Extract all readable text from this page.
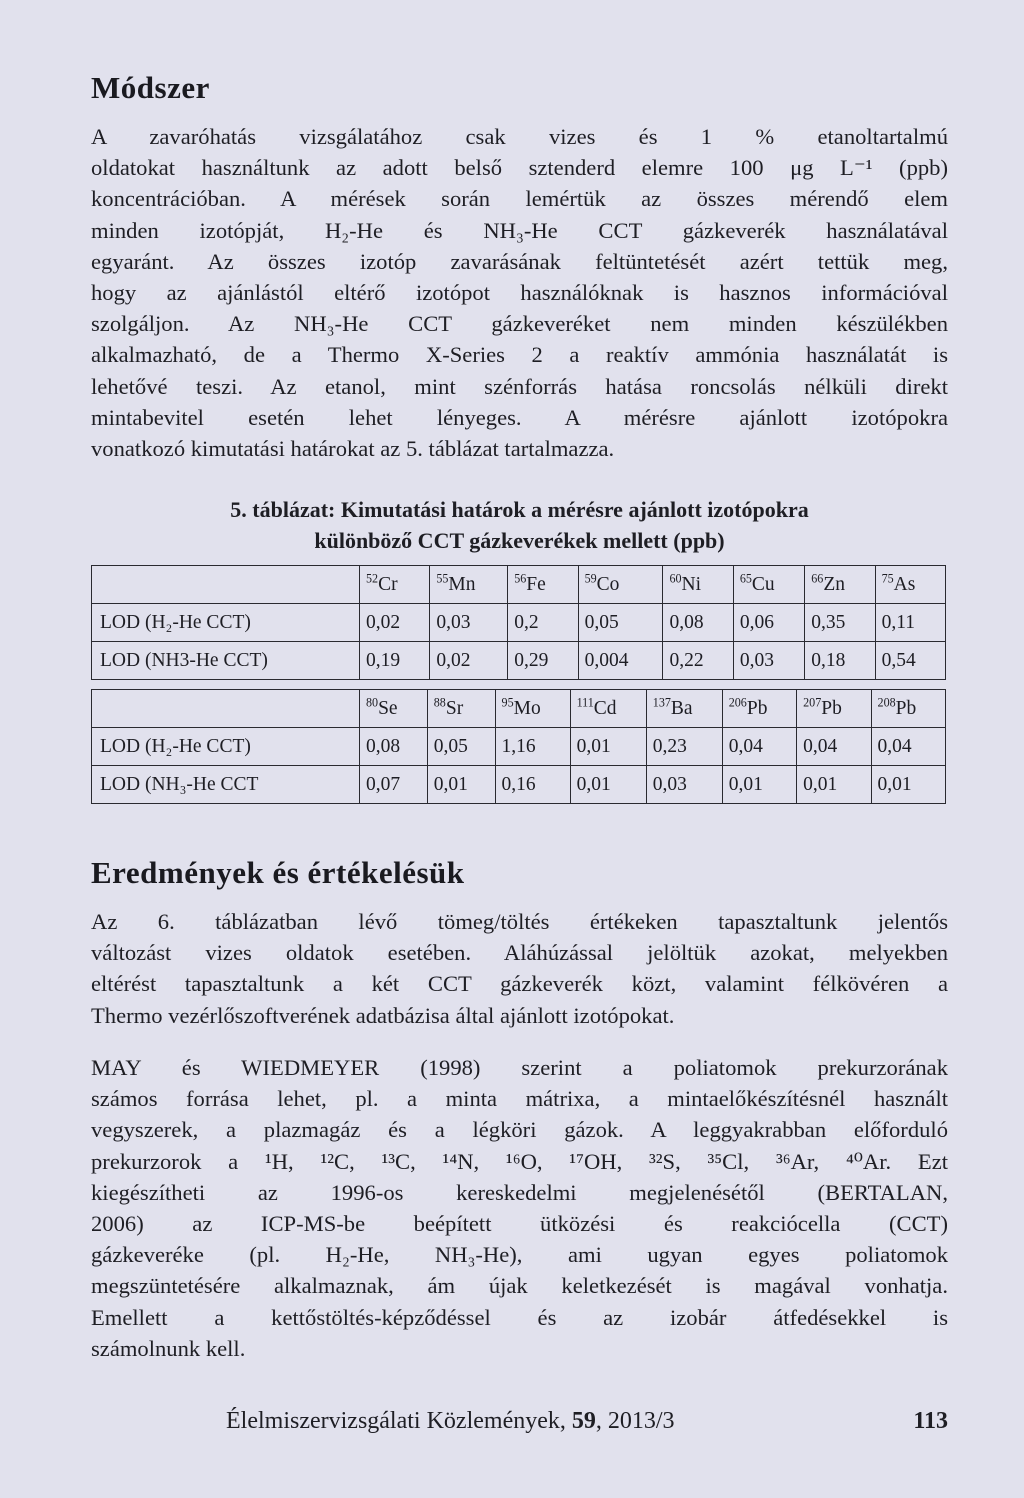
Módszer
A zavaróhatás vizsgálatához csak vizes és 1 % etanoltartalmú
oldatokat használtunk az adott belső sztenderd elemre 100 μg L⁻¹ (ppb)
koncentrációban. A mérések során lemértük az összes mérendő elem
minden izotópját, H₂-He és NH₃-He CCT gázkeverék használatával
egyaránt. Az összes izotóp zavarásának feltüntetését azért tettük meg,
hogy az ajánlástól eltérő izotópot használóknak is hasznos információval
szolgáljon. Az NH₃-He CCT gázkeveréket nem minden készülékben
alkalmazható, de a Thermo X-Series 2 a reaktív ammónia használatát is
lehetővé teszi. Az etanol, mint szénforrás hatása roncsolás nélküli direkt
mintabevitel esetén lehet lényeges. A mérésre ajánlott izotópokra
vonatkozó kimutatási határokat az 5. táblázat tartalmazza.
5. táblázat: Kimutatási határok a mérésre ajánlott izotópokra
különböző CCT gázkeverékek mellett (ppb)
	$^{52}$Cr	$^{55}$Mn	$^{56}$Fe	$^{59}$Co	$^{60}$Ni	$^{65}$Cu	$^{66}$Zn	$^{75}$As
LOD (H₂-He CCT)	0,02	0,03	0,2	0,05	0,08	0,06	0,35	0,11
LOD (NH3-He CCT)	0,19	0,02	0,29	0,004	0,22	0,03	0,18	0,54
	$^{80}$Se	$^{88}$Sr	$^{95}$Mo	$^{111}$Cd	$^{137}$Ba	$^{206}$Pb	$^{207}$Pb	$^{208}$Pb
LOD (H₂-He CCT)	0,08	0,05	1,16	0,01	0,23	0,04	0,04	0,04
LOD (NH₃-He CCT	0,07	0,01	0,16	0,01	0,03	0,01	0,01	0,01
Eredmények és értékelésük
Az 6. táblázatban lévő tömeg/töltés értékeken tapasztaltunk jelentős
változást vizes oldatok esetében. Aláhúzással jelöltük azokat, melyekben
eltérést tapasztaltunk a két CCT gázkeverék közt, valamint félkövéren a
Thermo vezérlőszoftverének adatbázisa által ajánlott izotópokat.
MAY és WIEDMEYER (1998) szerint a poliatomok prekurzorának
számos forrása lehet, pl. a minta mátrixa, a mintaelőkészítésnél használt
vegyszerek, a plazmagáz és a légköri gázok. A leggyakrabban előforduló
prekurzorok a ¹H, ¹²C, ¹³C, ¹⁴N, ¹⁶O, ¹⁷OH, ³²S, ³⁵Cl, ³⁶Ar, ⁴⁰Ar. Ezt
kiegészítheti az 1996-os kereskedelmi megjelenésétől (BERTALAN,
2006) az ICP-MS-be beépített ütközési és reakciócella (CCT)
gázkeveréke (pl. H₂-He, NH₃-He), ami ugyan egyes poliatomok
megszüntetésére alkalmaznak, ám újak keletkezését is magával vonhatja.
Emellett a kettőstöltés-képződéssel és az izobár átfedésekkel is
számolnunk kell.
Élelmiszervizsgálati Közlemények, 59, 2013/3	113
